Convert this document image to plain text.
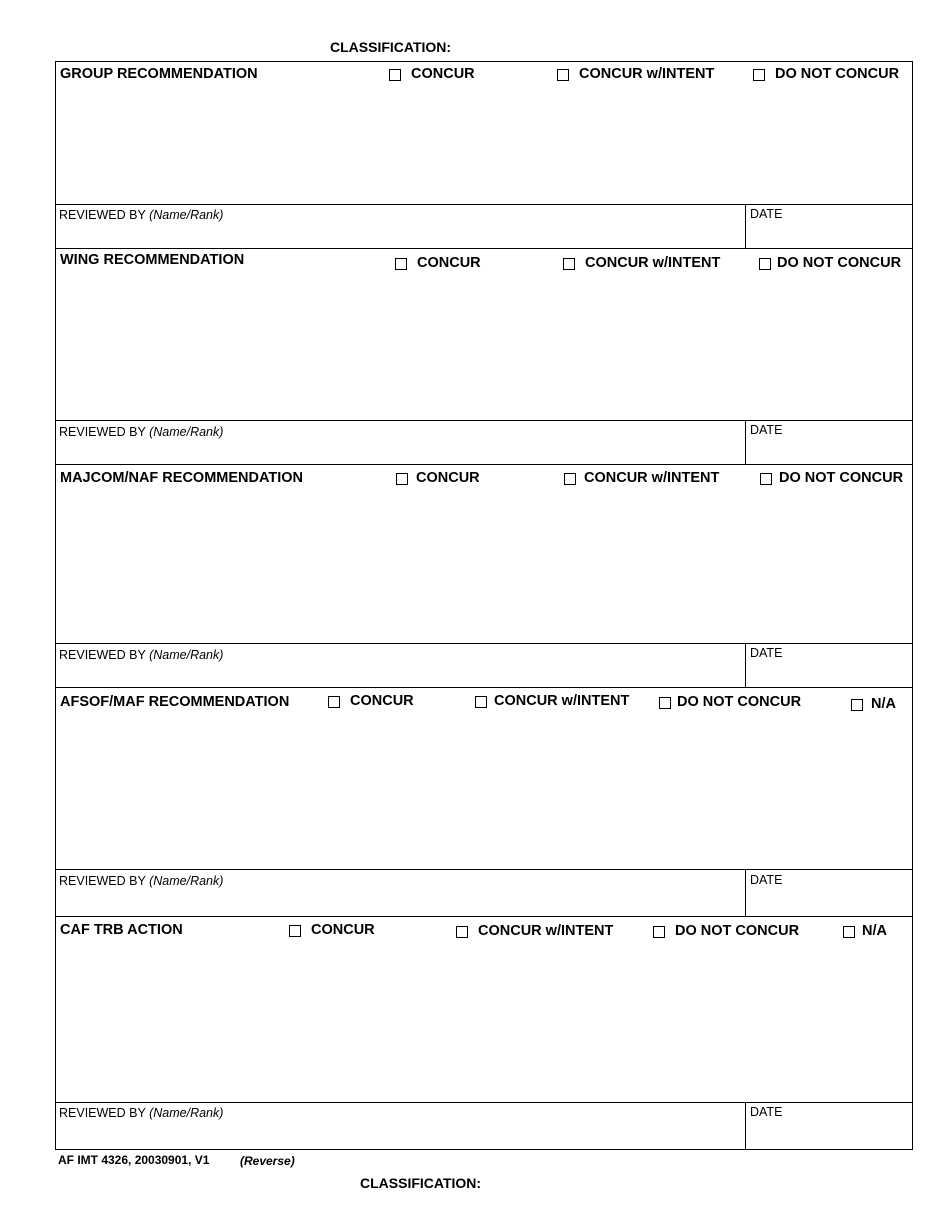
CLASSIFICATION:
GROUP RECOMMENDATION	CONCUR	CONCUR w/INTENT	DO NOT CONCUR
REVIEWED BY (Name/Rank)	DATE
WING RECOMMENDATION	CONCUR	CONCUR w/INTENT	DO NOT CONCUR
REVIEWED BY (Name/Rank)	DATE
MAJCOM/NAF RECOMMENDATION	CONCUR	CONCUR w/INTENT	DO NOT CONCUR
REVIEWED BY (Name/Rank)	DATE
AFSOF/MAF RECOMMENDATION	CONCUR	CONCUR w/INTENT	DO NOT CONCUR	N/A
REVIEWED BY (Name/Rank)	DATE
CAF TRB ACTION	CONCUR	CONCUR w/INTENT	DO NOT CONCUR	N/A
REVIEWED BY (Name/Rank)	DATE
AF IMT 4326, 20030901, V1	(Reverse)
CLASSIFICATION:
